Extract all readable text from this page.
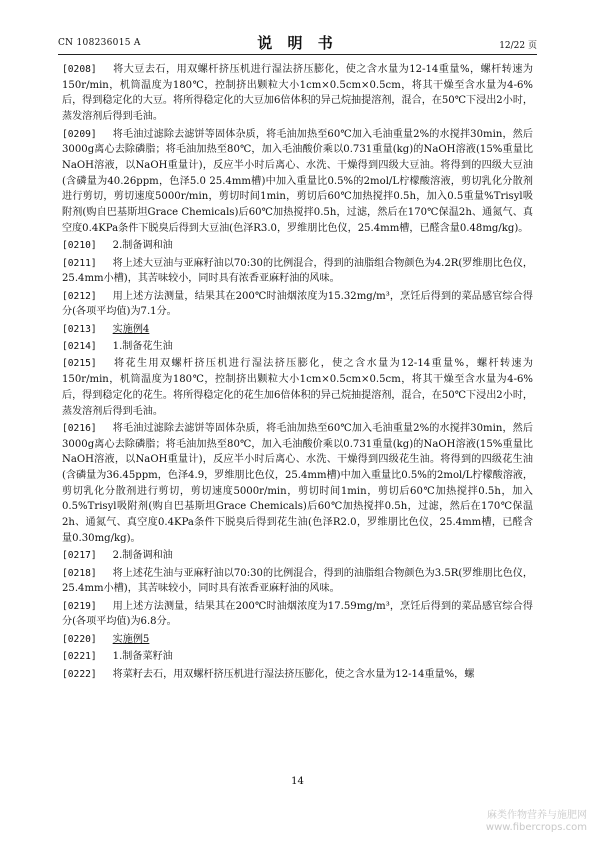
CN 108236015 A	说 明 书	12/22 页

[0208] 将大豆去石，用双螺杆挤压机进行湿法挤压膨化，使之含水量为12-14重量%，螺杆转速为150r/min，机筒温度为180℃，控制挤出颗粒大小1cm×0.5cm×0.5cm，将其干燥至含水量为4-6%后，得到稳定化的大豆。将所得稳定化的大豆加6倍体积的异己烷抽提溶剂，混合，在50℃下浸出2小时，蒸发溶剂后得到毛油。

[0209] 将毛油过滤除去滤饼等固体杂质，将毛油加热至60℃加入毛油重量2%的水搅拌30min，然后3000g离心去除磷脂；将毛油加热至80℃，加入毛油酸价乘以0.731重量(kg)的NaOH溶液(15%重量比NaOH溶液，以NaOH重量计)，反应半小时后离心、水洗、干燥得到四级大豆油。将得到的四级大豆油(含磷量为40.26ppm，色泽5.0 25.4mm槽)中加入重量比0.5%的2mol/L柠檬酸溶液，剪切乳化分散剂进行剪切，剪切速度5000r/min，剪切时间1min，剪切后60℃加热搅拌0.5h，加入0.5重量%Trisyl吸附剂(购自巴基斯坦Grace Chemicals)后60℃加热搅拌0.5h，过滤，然后在170℃保温2h、通氮气、真空度0.4KPa条件下脱臭后得到大豆油(色泽R3.0，罗维朋比色仪，25.4mm槽，已醛含量0.48mg/kg)。

[0210] 2.制备调和油

[0211] 将上述大豆油与亚麻籽油以70:30的比例混合，得到的油脂组合物颜色为4.2R(罗维朋比色仪，25.4mm小槽)，其苦味较小，同时具有浓香亚麻籽油的风味。

[0212] 用上述方法测量，结果其在200℃时油烟浓度为15.32mg/m³，烹饪后得到的菜品感官综合得分(各项平均值)为7.1分。

[0213] 实施例4

[0214] 1.制备花生油

[0215] 将花生用双螺杆挤压机进行湿法挤压膨化，使之含水量为12-14重量%，螺杆转速为150r/min，机筒温度为180℃，控制挤出颗粒大小1cm×0.5cm×0.5cm，将其干燥至含水量为4-6%后，得到稳定化的花生。将所得稳定化的花生加6倍体积的异己烷抽提溶剂，混合，在50℃下浸出2小时，蒸发溶剂后得到毛油。

[0216] 将毛油过滤除去滤饼等固体杂质，将毛油加热至60℃加入毛油重量2%的水搅拌30min，然后3000g离心去除磷脂；将毛油加热至80℃，加入毛油酸价乘以0.731重量(kg)的NaOH溶液(15%重量比NaOH溶液，以NaOH重量计)，反应半小时后离心、水洗、干燥得到四级花生油。将得到的四级花生油(含磷量为36.45ppm，色泽4.9，罗维朋比色仪，25.4mm槽)中加入重量比0.5%的2mol/L柠檬酸溶液，剪切乳化分散剂进行剪切，剪切速度5000r/min，剪切时间1min，剪切后60℃加热搅拌0.5h，加入0.5%Trisyl吸附剂(购自巴基斯坦Grace Chemicals)后60℃加热搅拌0.5h，过滤，然后在170℃保温2h、通氮气、真空度0.4KPa条件下脱臭后得到花生油(色泽R2.0，罗维朋比色仪，25.4mm槽，已醛含量0.30mg/kg)。

[0217] 2.制备调和油

[0218] 将上述花生油与亚麻籽油以70:30的比例混合，得到的油脂组合物颜色为3.5R(罗维朋比色仪，25.4mm小槽)，其苦味较小，同时具有浓香亚麻籽油的风味。

[0219] 用上述方法测量，结果其在200℃时油烟浓度为17.59mg/m³，烹饪后得到的菜品感官综合得分(各项平均值)为6.8分。

[0220] 实施例5

[0221] 1.制备菜籽油

[0222] 将菜籽去石，用双螺杆挤压机进行湿法挤压膨化，使之含水量为12-14重量%，螺

14
麻类作物营养与施肥网
www.fibercrops.com
